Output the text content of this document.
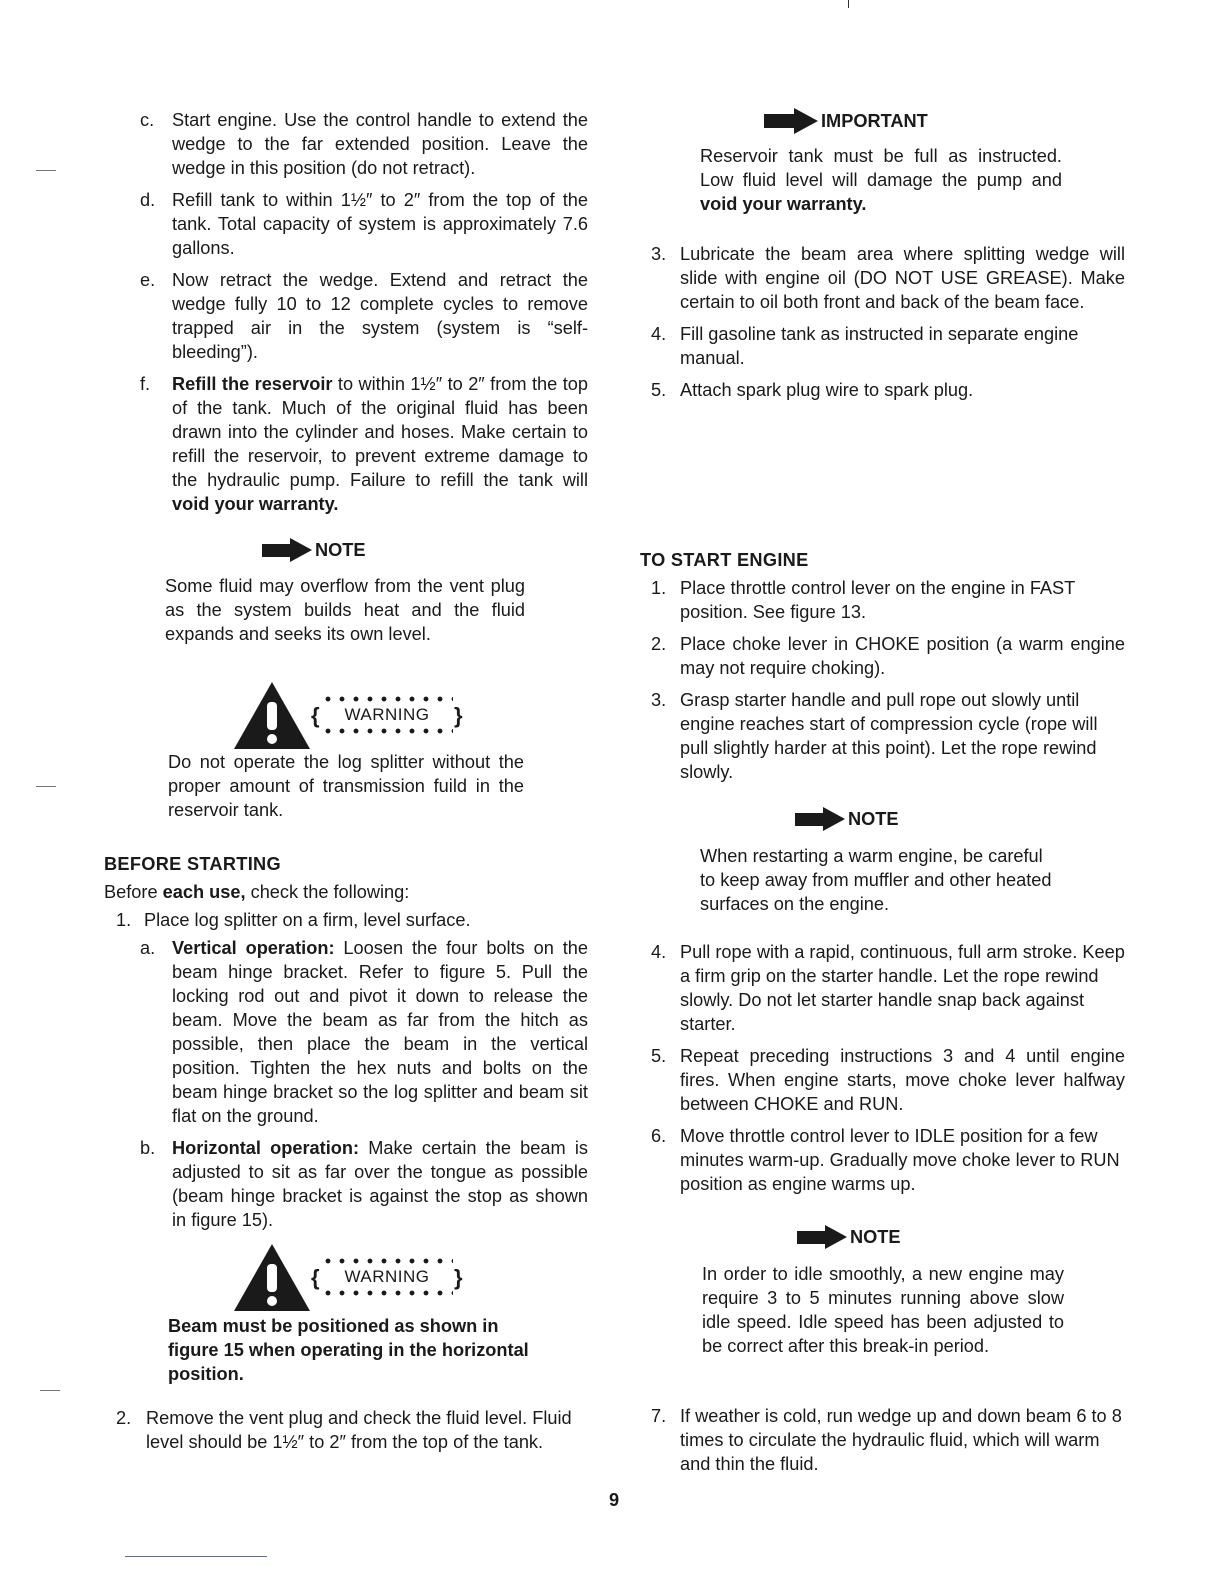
c. Start engine. Use the control handle to extend the wedge to the far extended position. Leave the wedge in this position (do not retract).
d. Refill tank to within 1½″ to 2″ from the top of the tank. Total capacity of system is approximately 7.6 gallons.
e. Now retract the wedge. Extend and retract the wedge fully 10 to 12 complete cycles to remove trapped air in the system (system is “self-bleeding”).
f.	Refill the reservoir to within 1½″ to 2″ from the top of the tank. Much of the original fluid has been drawn into the cylinder and hoses. Make certain to refill the reservoir, to prevent extreme damage to the hydraulic pump. Failure to refill the tank will void your warranty.
NOTE

Some fluid may overflow from the vent plug as the system builds heat and the fluid expands and seeks its own level.

{ WARNING }

Do not operate the log splitter without the proper amount of transmission fuild in the reservoir tank.

BEFORE STARTING

Before each use, check the following:

1. Place log splitter on a firm, level surface.
a. Vertical operation: Loosen the four bolts on the beam hinge bracket. Refer to figure 5. Pull the locking rod out and pivot it down to release the beam. Move the beam as far from the hitch as possible, then place the beam in the vertical position. Tighten the hex nuts and bolts on the beam hinge bracket so the log splitter and beam sit flat on the ground.
b. Horizontal operation: Make certain the beam is adjusted to sit as far over the tongue as possible (beam hinge bracket is against the stop as shown in figure 15).
{ WARNING }

Beam must be positioned as shown in figure 15 when operating in the horizontal position.

2. Remove the vent plug and check the fluid level. Fluid level should be 1½″ to 2″ from the top of the tank.
IMPORTANT

Reservoir tank must be full as instructed. Low fluid level will damage the pump and void your warranty.

3. Lubricate the beam area where splitting wedge will slide with engine oil (DO NOT USE GREASE). Make certain to oil both front and back of the beam face.
4. Fill gasoline tank as instructed in separate engine manual.
5. Attach spark plug wire to spark plug.
TO START ENGINE
1. Place throttle control lever on the engine in FAST position. See figure 13.
2. Place choke lever in CHOKE position (a warm engine may not require choking).
3. Grasp starter handle and pull rope out slowly until engine reaches start of compression cycle (rope will pull slightly harder at this point). Let the rope rewind slowly.
NOTE

When restarting a warm engine, be careful to keep away from muffler and other heated surfaces on the engine.

4. Pull rope with a rapid, continuous, full arm stroke. Keep a firm grip on the starter handle. Let the rope rewind slowly. Do not let starter handle snap back against starter.
5. Repeat preceding instructions 3 and 4 until engine fires. When engine starts, move choke lever halfway between CHOKE and RUN.
6. Move throttle control lever to IDLE position for a few minutes warm-up. Gradually move choke lever to RUN position as engine warms up.
NOTE

In order to idle smoothly, a new engine may require 3 to 5 minutes running above slow idle speed. Idle speed has been adjusted to be correct after this break-in period.

7. If weather is cold, run wedge up and down beam 6 to 8 times to circulate the hydraulic fluid, which will warm and thin the fluid.
9
